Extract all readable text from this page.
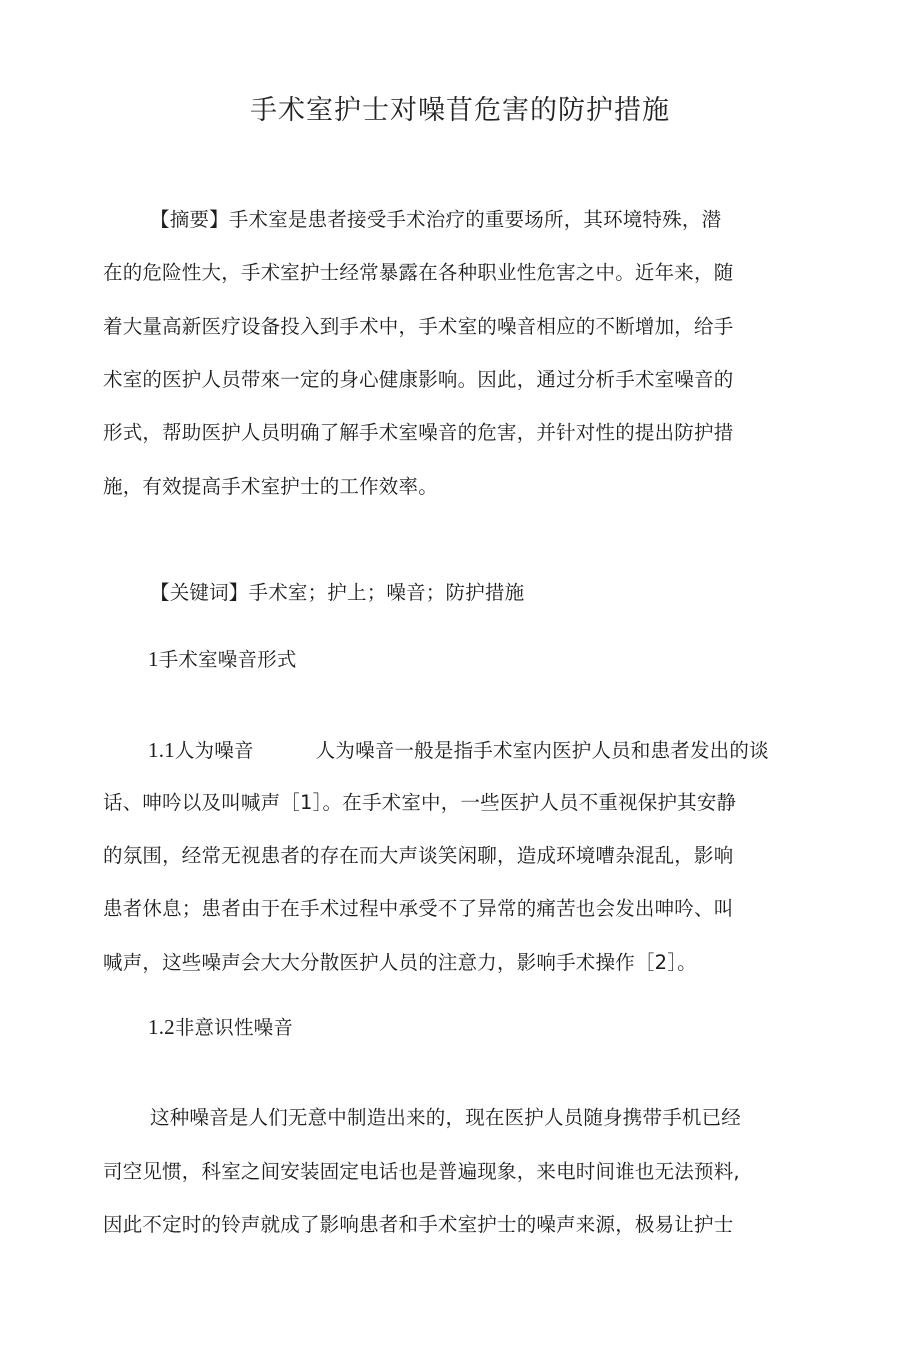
手术室护士对噪苜危害的防护措施
【摘要】手术室是患者接受手术治疗的重要场所，其环境特殊，潜
在的危险性大，手术室护士经常暴露在各种职业性危害之中。近年来，随
着大量高新医疗设备投入到手术中，手术室的噪音相应的不断增加，给手
术室的医护人员带來一定的身心健康影响。因此，通过分析手术室噪音的
形式，帮助医护人员明确了解手术室噪音的危害，并针对性的提出防护措
施，有效提高手术室护士的工作效率。
【关键词】手术室；护上；噪音；防护措施
1手术室噪音形式
1.1人为噪音	人为噪音一般是指手术室内医护人员和患者发出的谈
话、呻吟以及叫喊声［1］。在手术室中，一些医护人员不重视保护其安静
的氛围，经常无视患者的存在而大声谈笑闲聊，造成环境嘈杂混乱，影响
患者休息；患者由于在手术过程中承受不了异常的痛苦也会发出呻吟、叫
喊声，这些噪声会大大分散医护人员的注意力，影响手术操作［2］。
1.2非意识性噪音
这种噪音是人们无意中制造出来的，现在医护人员随身携带手机已经
司空见惯，科室之间安装固定电话也是普遍现象，来电时间谁也无法预料,
因此不定时的铃声就成了影响患者和手术室护士的噪声来源，极易让护士
